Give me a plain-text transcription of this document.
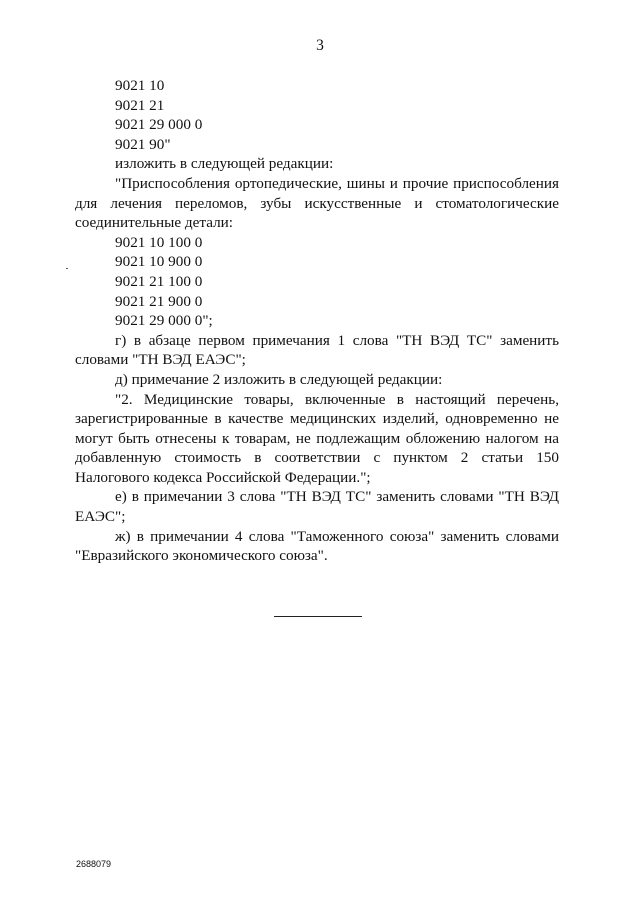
3
9021 10
9021 21
9021 29 000 0
9021 90"
изложить в следующей редакции:
"Приспособления ортопедические, шины и прочие приспособления для лечения переломов, зубы искусственные и стоматологические соединительные детали:
9021 10 100 0
9021 10 900 0
9021 21 100 0
9021 21 900 0
9021 29 000 0";
г) в абзаце первом примечания 1 слова "ТН ВЭД ТС" заменить словами "ТН ВЭД ЕАЭС";
д) примечание 2 изложить в следующей редакции:
"2. Медицинские товары, включенные в настоящий перечень, зарегистрированные в качестве медицинских изделий, одновременно не могут быть отнесены к товарам, не подлежащим обложению налогом на добавленную стоимость в соответствии с пунктом 2 статьи 150 Налогового кодекса Российской Федерации.";
е) в примечании 3 слова "ТН ВЭД ТС" заменить словами "ТН ВЭД ЕАЭС";
ж) в примечании 4 слова "Таможенного союза" заменить словами "Евразийского экономического союза".
2688079
